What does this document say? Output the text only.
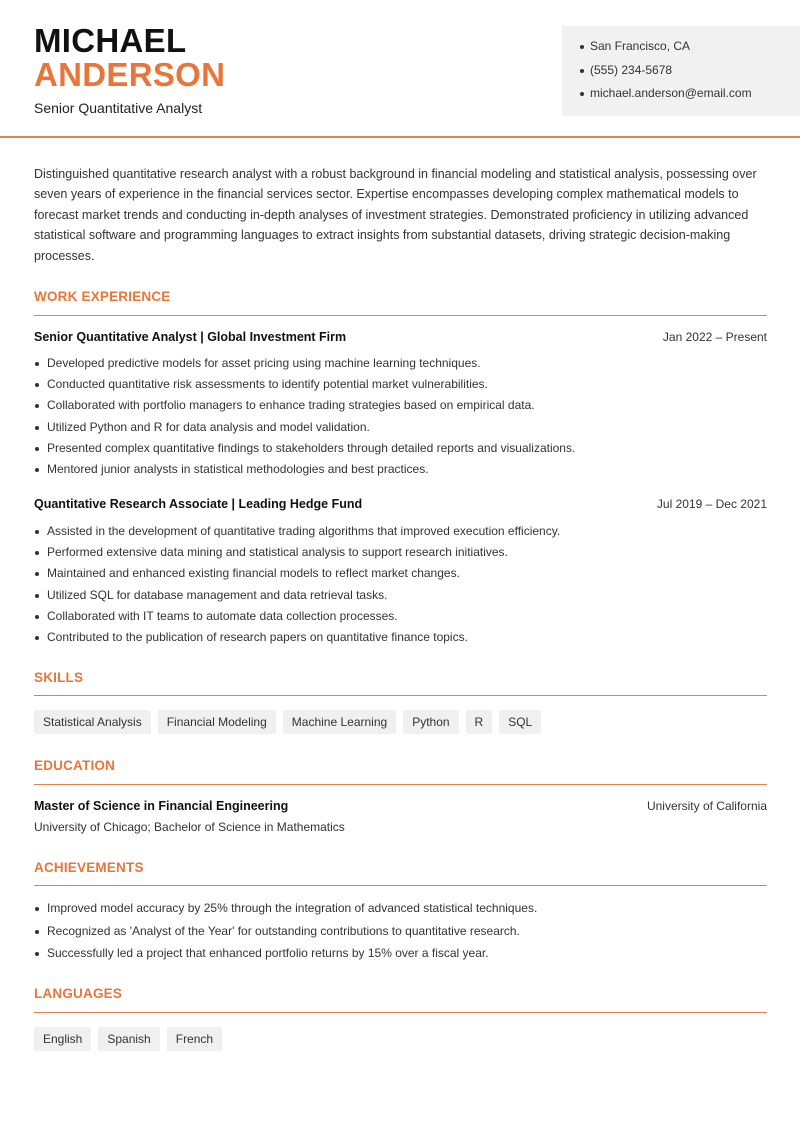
MICHAEL
ANDERSON
Senior Quantitative Analyst
San Francisco, CA
(555) 234-5678
michael.anderson@email.com

Distinguished quantitative research analyst with a robust background in financial modeling and statistical analysis, possessing over seven years of experience in the financial services sector. Expertise encompasses developing complex mathematical models to forecast market trends and conducting in-depth analyses of investment strategies. Demonstrated proficiency in utilizing advanced statistical software and programming languages to extract insights from substantial datasets, driving strategic decision-making processes.

WORK EXPERIENCE
Senior Quantitative Analyst | Global Investment Firm	Jan 2022 – Present
Developed predictive models for asset pricing using machine learning techniques.
Conducted quantitative risk assessments to identify potential market vulnerabilities.
Collaborated with portfolio managers to enhance trading strategies based on empirical data.
Utilized Python and R for data analysis and model validation.
Presented complex quantitative findings to stakeholders through detailed reports and visualizations.
Mentored junior analysts in statistical methodologies and best practices.
Quantitative Research Associate | Leading Hedge Fund	Jul 2019 – Dec 2021
Assisted in the development of quantitative trading algorithms that improved execution efficiency.
Performed extensive data mining and statistical analysis to support research initiatives.
Maintained and enhanced existing financial models to reflect market changes.
Utilized SQL for database management and data retrieval tasks.
Collaborated with IT teams to automate data collection processes.
Contributed to the publication of research papers on quantitative finance topics.
SKILLS
Statistical Analysis	Financial Modeling	Machine Learning	Python	R	SQL
EDUCATION
Master of Science in Financial Engineering	University of California
University of Chicago; Bachelor of Science in Mathematics
ACHIEVEMENTS
Improved model accuracy by 25% through the integration of advanced statistical techniques.
Recognized as 'Analyst of the Year' for outstanding contributions to quantitative research.
Successfully led a project that enhanced portfolio returns by 15% over a fiscal year.
LANGUAGES
English	Spanish	French
